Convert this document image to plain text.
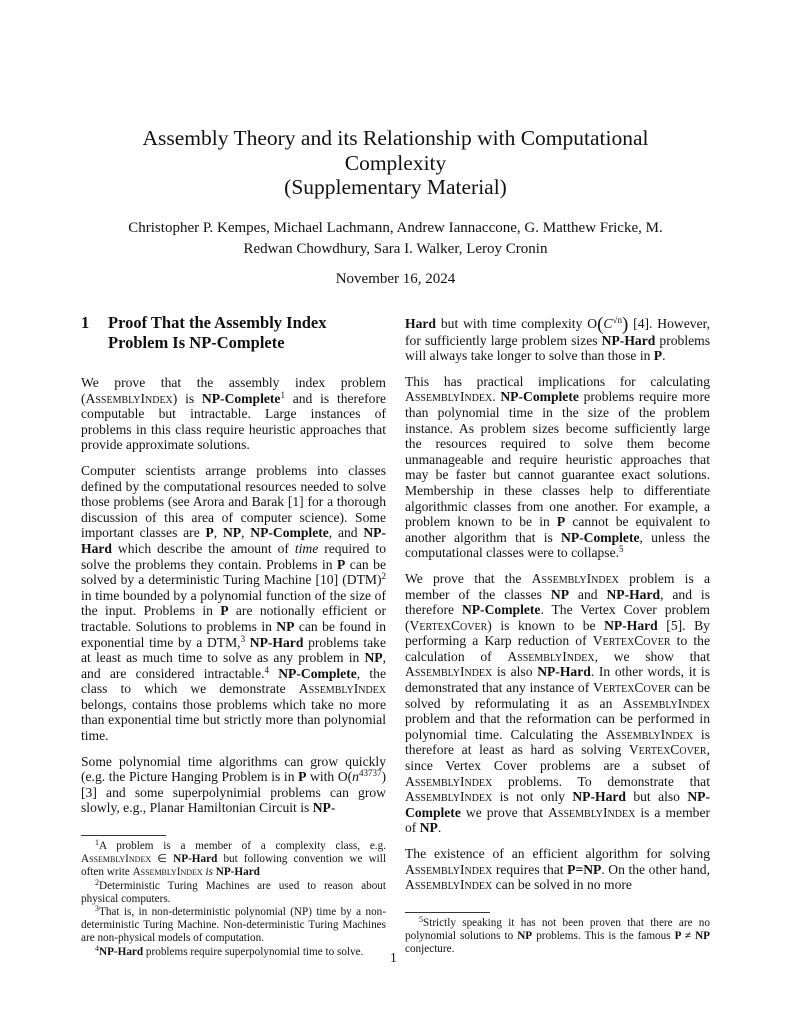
Assembly Theory and its Relationship with Computational
Complexity
(Supplementary Material)
Christopher P. Kempes, Michael Lachmann, Andrew Iannaccone, G. Matthew Fricke, M.
Redwan Chowdhury, Sara I. Walker, Leroy Cronin
November 16, 2024
1	Proof That the Assembly Index Problem Is NP-Complete

We prove that the assembly index problem (AssemblyIndex) is NP-Complete$^1$ and is therefore computable but intractable. Large instances of problems in this class require heuristic approaches that provide approximate solutions.

Computer scientists arrange problems into classes defined by the computational resources needed to solve those problems (see Arora and Barak [1] for a thorough discussion of this area of computer science). Some important classes are P, NP, NP-Complete, and NP-Hard which describe the amount of time required to solve the problems they contain. Problems in P can be solved by a deterministic Turing Machine [10] (DTM)$^2$ in time bounded by a polynomial function of the size of the input. Problems in P are notionally efficient or tractable. Solutions to problems in NP can be found in exponential time by a DTM,$^3$ NP-Hard problems take at least as much time to solve as any problem in NP, and are considered intractable.$^4$ NP-Complete, the class to which we demonstrate AssemblyIndex belongs, contains those problems which take no more than exponential time but strictly more than polynomial time.

Some polynomial time algorithms can grow quickly (e.g. the Picture Hanging Problem is in P with $O(n^{43737})$ [3] and some superpolynimial problems can grow slowly, e.g., Planar Hamiltonian Circuit is NP-

$^1$A problem is a member of a complexity class, e.g. AssemblyIndex ∈ NP-Hard but following convention we will often write AssemblyIndex is NP-Hard

$^2$Deterministic Turing Machines are used to reason about physical computers.

$^3$That is, in non-deterministic polynomial (NP) time by a non-deterministic Turing Machine. Non-deterministic Turing Machines are non-physical models of computation.

$^4$NP-Hard problems require superpolynomial time to solve.

Hard but with time complexity $O(C^{√n})$ [4]. However, for sufficiently large problem sizes NP-Hard problems will always take longer to solve than those in P.

This has practical implications for calculating AssemblyIndex. NP-Complete problems require more than polynomial time in the size of the problem instance. As problem sizes become sufficiently large the resources required to solve them become unmanageable and require heuristic approaches that may be faster but cannot guarantee exact solutions. Membership in these classes help to differentiate algorithmic classes from one another. For example, a problem known to be in P cannot be equivalent to another algorithm that is NP-Complete, unless the computational classes were to collapse.$^5$

We prove that the AssemblyIndex problem is a member of the classes NP and NP-Hard, and is therefore NP-Complete. The Vertex Cover problem (VertexCover) is known to be NP-Hard [5]. By performing a Karp reduction of VertexCover to the calculation of AssemblyIndex, we show that AssemblyIndex is also NP-Hard. In other words, it is demonstrated that any instance of VertexCover can be solved by reformulating it as an AssemblyIndex problem and that the reformation can be performed in polynomial time. Calculating the AssemblyIndex is therefore at least as hard as solving VertexCover, since Vertex Cover problems are a subset of AssemblyIndex problems. To demonstrate that AssemblyIndex is not only NP-Hard but also NP-Complete we prove that AssemblyIndex is a member of NP.

The existence of an efficient algorithm for solving AssemblyIndex requires that P=NP. On the other hand, AssemblyIndex can be solved in no more

$^5$Strictly speaking it has not been proven that there are no polynomial solutions to NP problems. This is the famous P ≠ NP conjecture.

1
